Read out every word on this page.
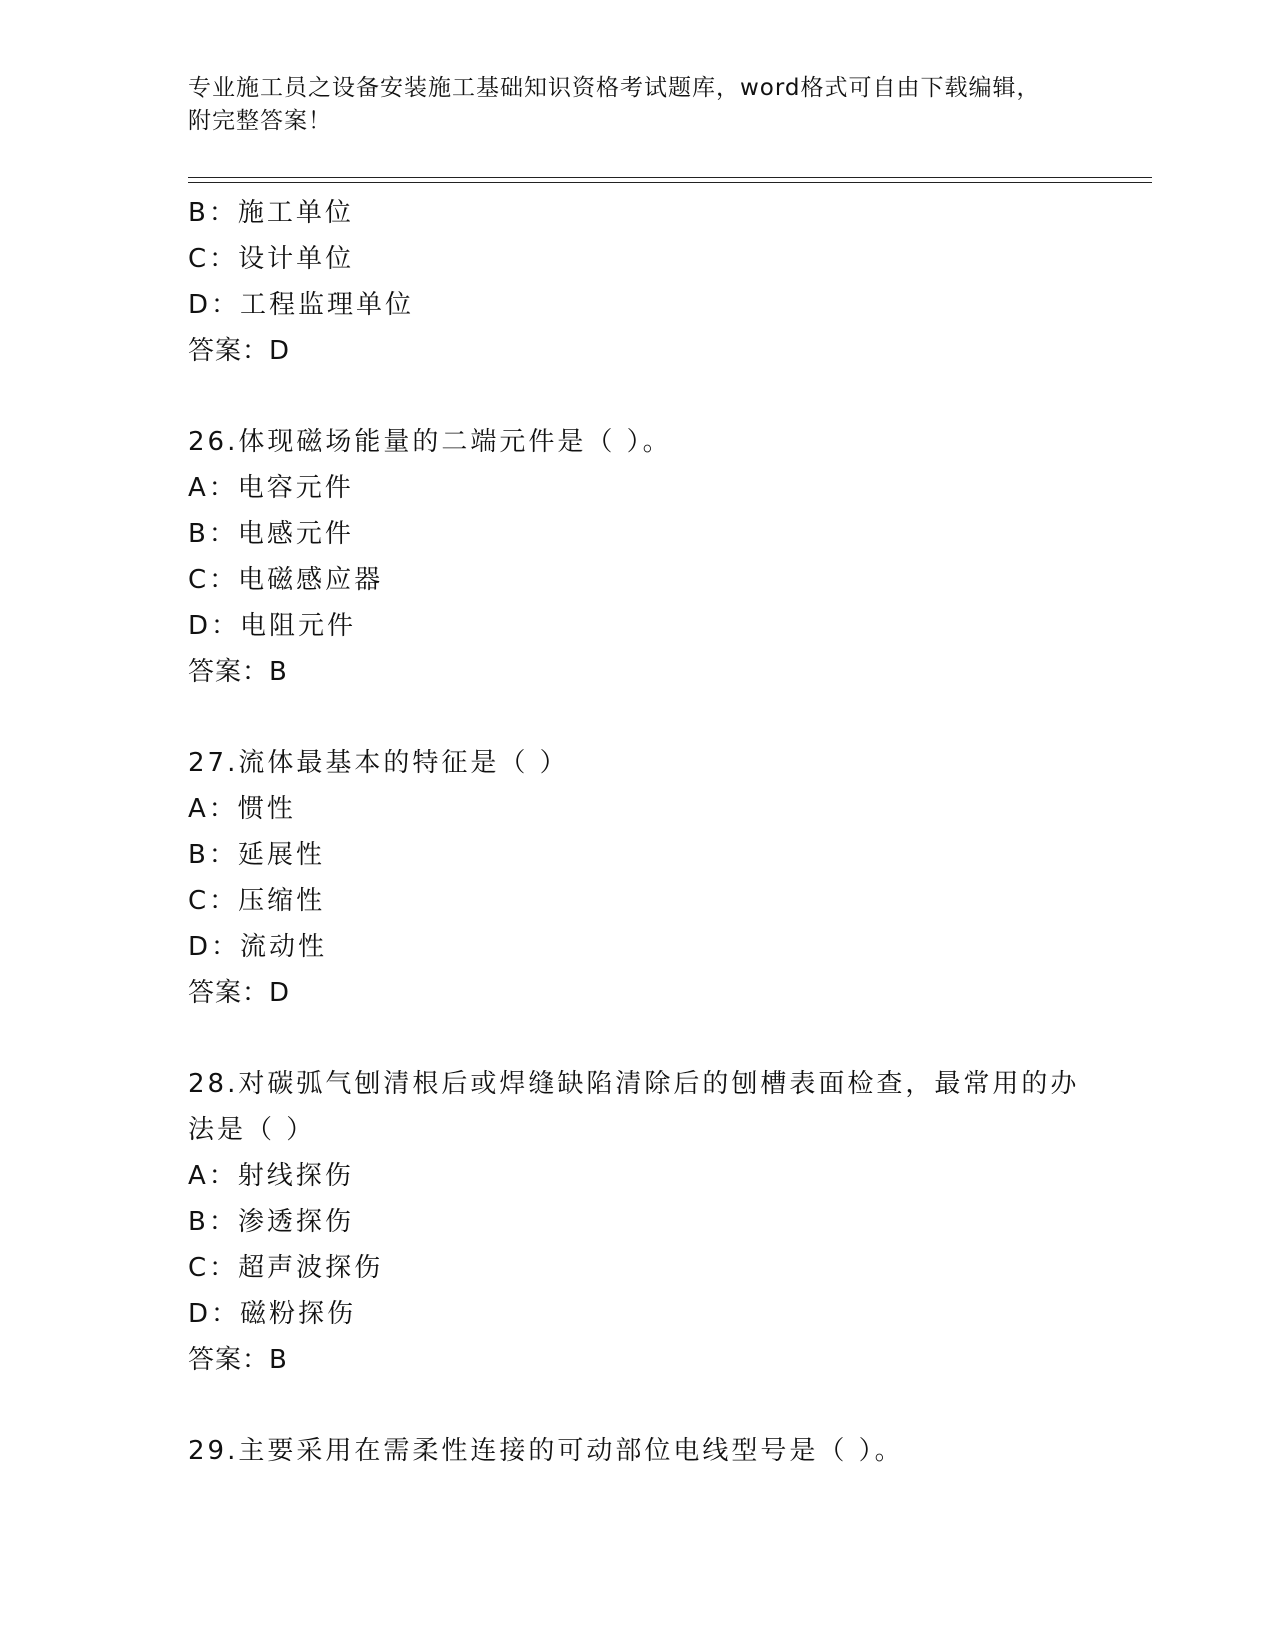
专业施工员之设备安装施工基础知识资格考试题库，word格式可自由下载编辑，
附完整答案！
B：施工单位
C：设计单位
D：工程监理单位
答案：D
26.体现磁场能量的二端元件是（ ）。
A：电容元件
B：电感元件
C：电磁感应器
D：电阻元件
答案：B
27.流体最基本的特征是（ ）
A：惯性
B：延展性
C：压缩性
D：流动性
答案：D
28.对碳弧气刨清根后或焊缝缺陷清除后的刨槽表面检查，最常用的办
法是（ ）
A：射线探伤
B：渗透探伤
C：超声波探伤
D：磁粉探伤
答案：B
29.主要采用在需柔性连接的可动部位电线型号是（ ）。
